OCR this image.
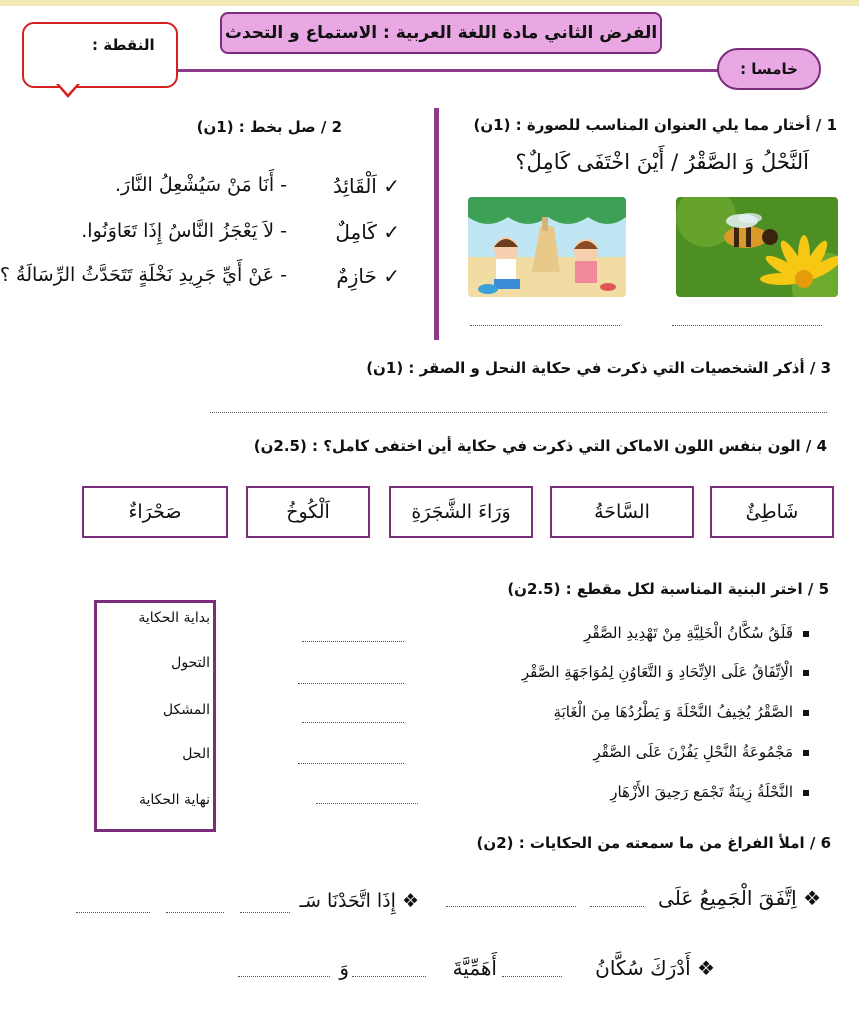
الفرض الثاني مادة اللغة العربية : الاستماع و التحدث
النقطة :
خامسا :
1 / أختار مما يلي العنوان المناسب للصورة : (1ن)
اَلنَّحْلُ وَ الصَّقْرُ / أَيْنَ اخْتَفَى كَامِلٌ؟
2 / صل بخط : (1ن)
✓ اَلْقَائِدُ
✓ كَامِلٌ
✓ حَازِمٌ
- أَنَا مَنْ سَيُشْعِلُ النَّارَ.
- لاَ يَعْجَزُ النَّاسُ إِذَا تَعَاوَنُوا.
- عَنْ أَيِّ جَرِيدِ نَخْلَةٍ تَتَحَدَّثُ الرِّسَالَةُ ؟
3 / أذكر الشخصيات التي ذكرت في حكاية النحل و الصقر : (1ن)
4 / الون بنفس اللون الاماكن التي ذكرت في حكاية أين اختفى كامل؟ : (2.5ن)
شَاطِئٌ
السَّاحَةُ
وَرَاءَ الشَّجَرَةِ
اَلْكُوخُ
صَحْرَاءٌ
5 / اختر البنية المناسبة لكل مقطع : (2.5ن)
قَلَقُ سُكَّانُ الْخَلِيَّةِ مِنْ تَهْدِيدِ الصَّقْرِ
الْاِتِّفَاقُ عَلَى الاِتِّحَادِ وَ التَّعَاوُنِ لِمُوَاجَهَةِ الصَّقْرِ
الصَّقْرُ يُخِيفُ النَّحْلَةَ وَ يَطْرُدُهَا مِنَ الْغَابَةِ
مَجْمُوعَةُ النَّحْلِ يَفُزْنَ عَلَى الصَّقْرِ
النَّحْلَةُ زِينَةٌ تَجْمَع رَحِيقَ الأَزْهَارِ
بداية الحكاية
التحول
المشكل
الحل
نهاية الحكاية
6 / املأ الفراغ من ما سمعته من الحكايات : (2ن)
❖ اِتَّفَقَ الْجَمِيعُ عَلَى
❖ إِذَا اتَّحَدْنَا سَـ
❖ أَدْرَكَ سُكَّانُ
أَهَمِّيَّةَ
وَ
